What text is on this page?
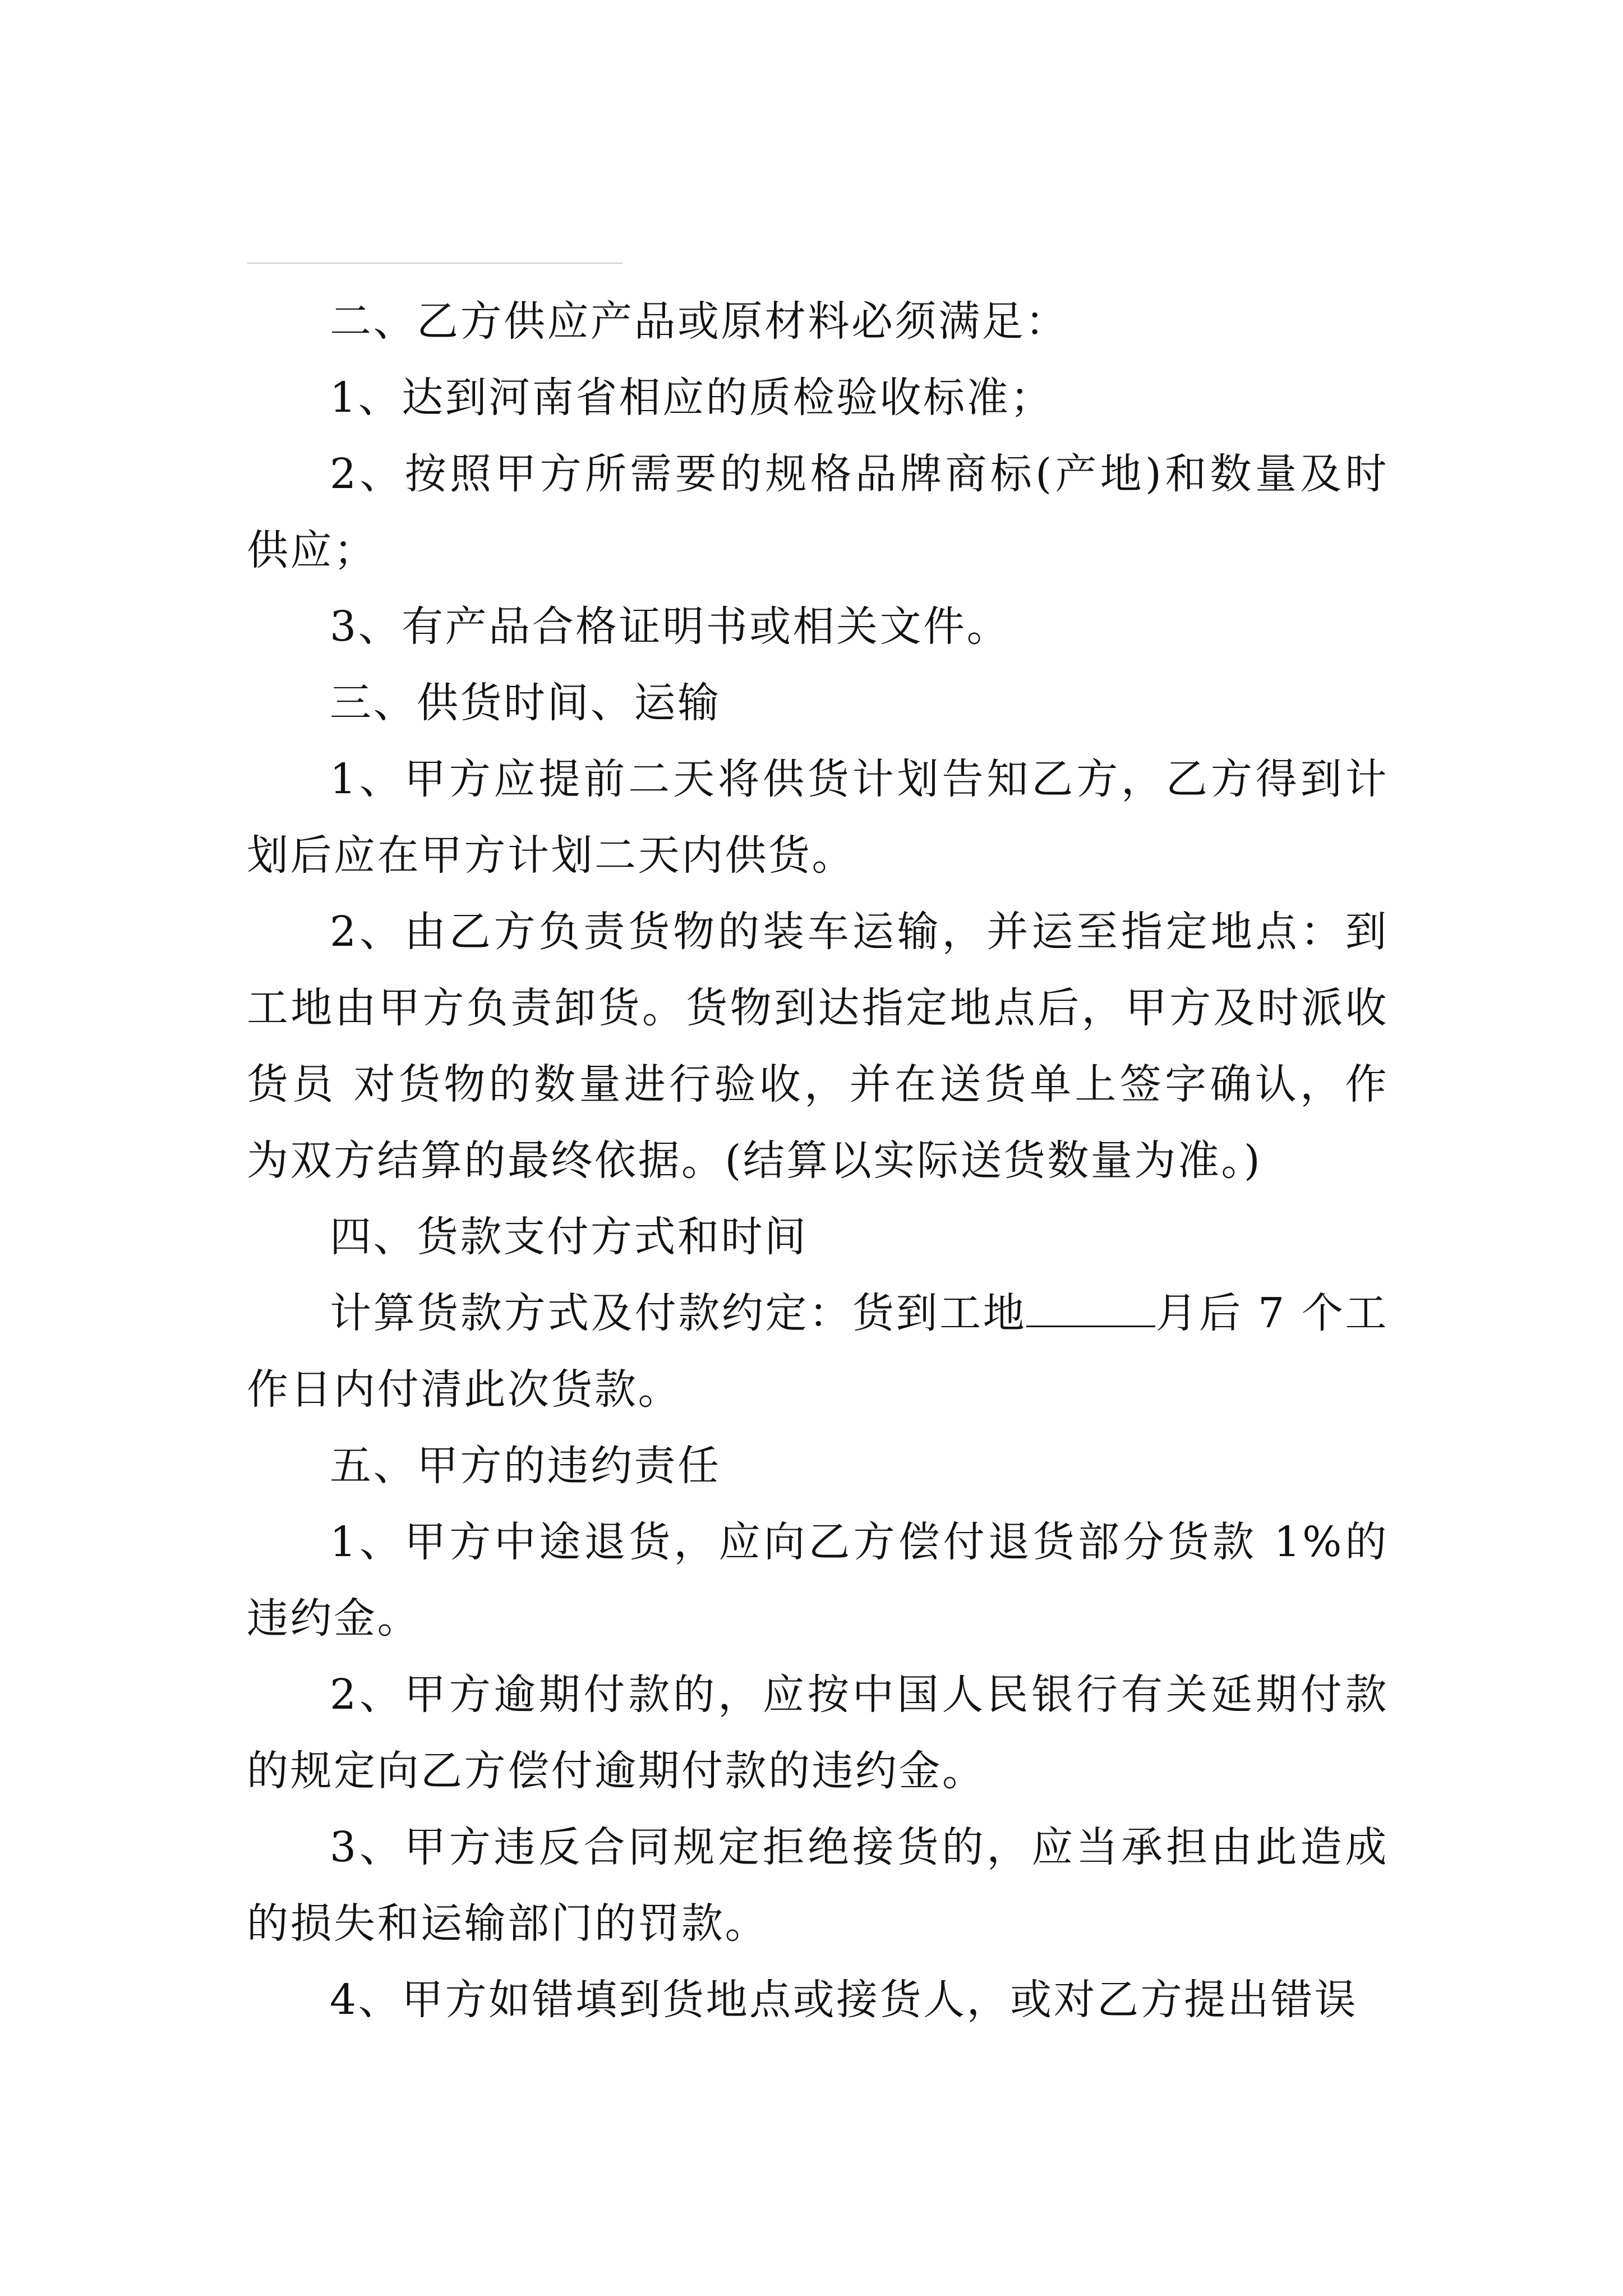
二、乙方供应产品或原材料必须满足：

1、达到河南省相应的质检验收标准；

2、按照甲方所需要的规格品牌商标(产地)和数量及时供应；

3、有产品合格证明书或相关文件。

三、供货时间、运输

1、甲方应提前二天将供货计划告知乙方，乙方得到计划后应在甲方计划二天内供货。

2、由乙方负责货物的装车运输，并运至指定地点：到工地由甲方负责卸货。货物到达指定地点后，甲方及时派收货员 对货物的数量进行验收，并在送货单上签字确认，作为双方结算的最终依据。(结算以实际送货数量为准。)

四、货款支付方式和时间

计算货款方式及付款约定：货到工地	月后 7 个工作日内付清此次货款。

五、甲方的违约责任

1、甲方中途退货，应向乙方偿付退货部分货款 1%的违约金。

2、甲方逾期付款的，应按中国人民银行有关延期付款的规定向乙方偿付逾期付款的违约金。

3、甲方违反合同规定拒绝接货的，应当承担由此造成的损失和运输部门的罚款。

4、甲方如错填到货地点或接货人，或对乙方提出错误
